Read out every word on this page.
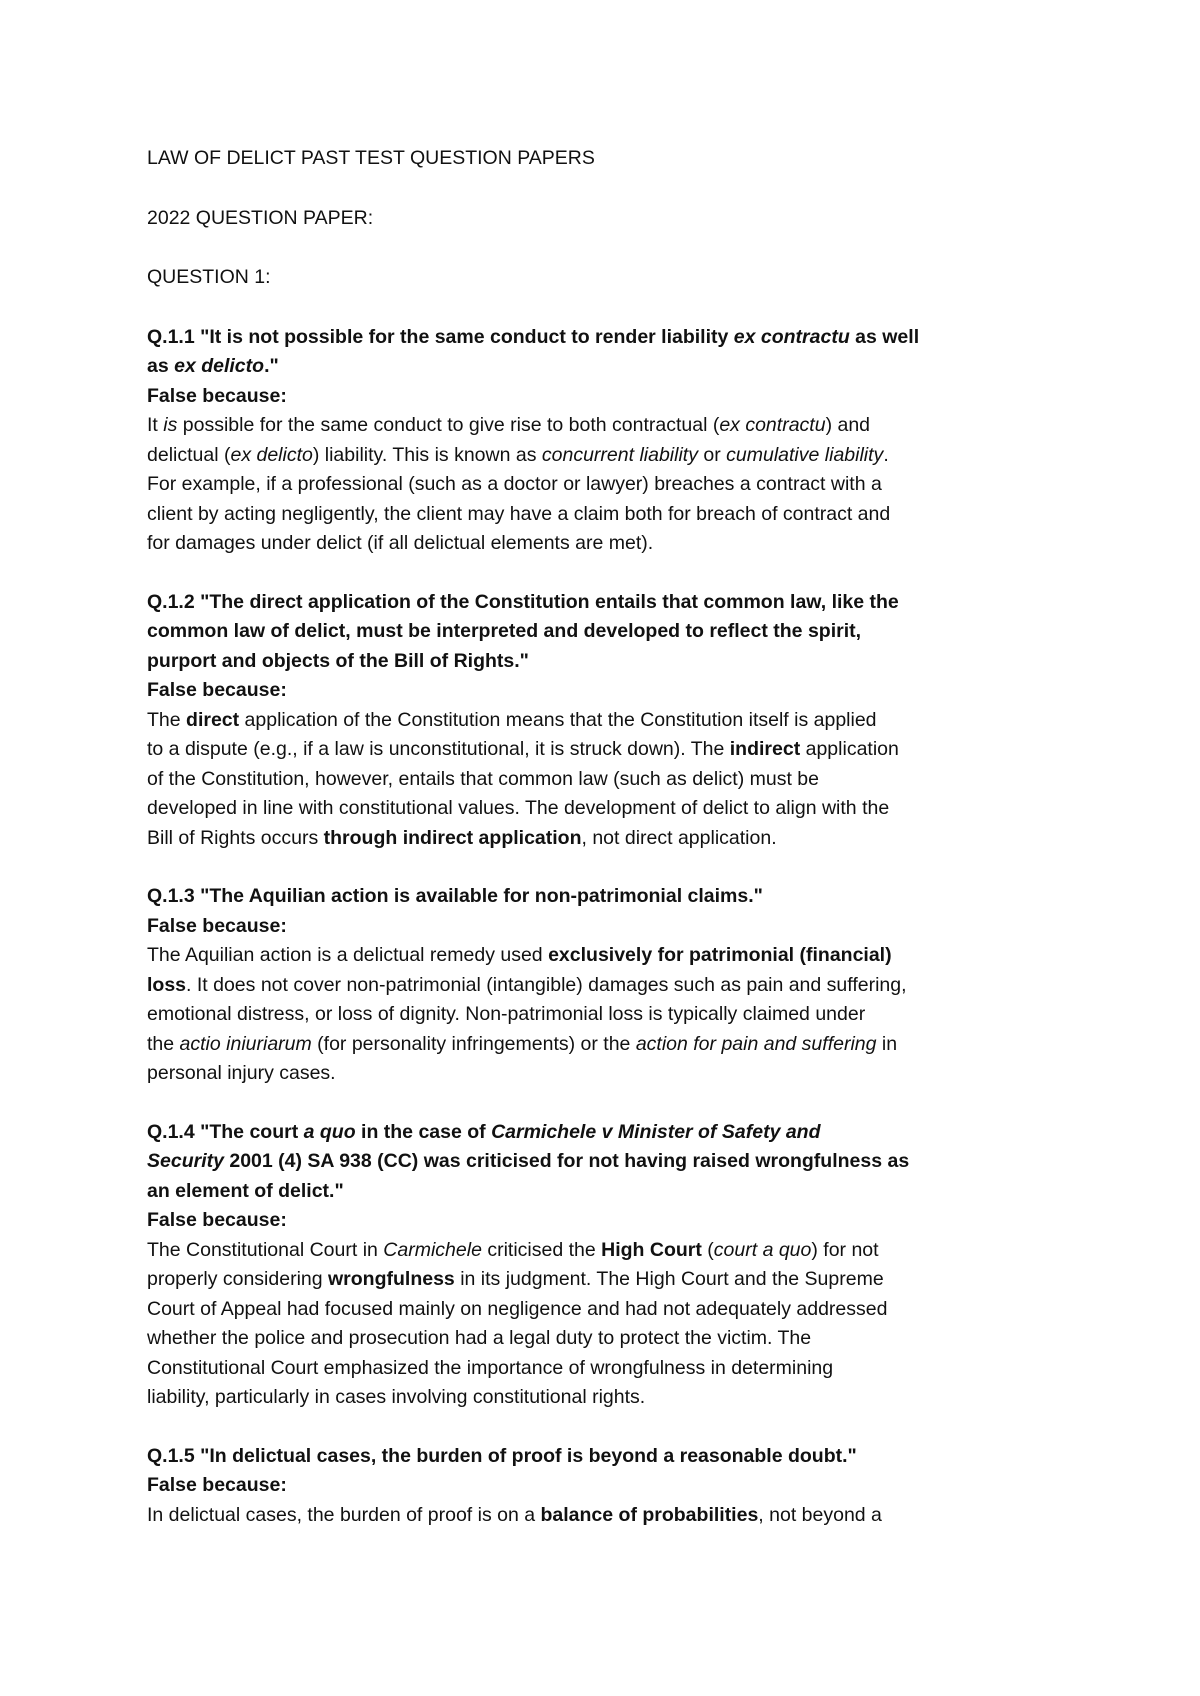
LAW OF DELICT PAST TEST QUESTION PAPERS
2022 QUESTION PAPER:
QUESTION 1:
Q.1.1 "It is not possible for the same conduct to render liability ex contractu as well
as ex delicto."
False because:
It is possible for the same conduct to give rise to both contractual (ex contractu) and
delictual (ex delicto) liability. This is known as concurrent liability or cumulative liability.
For example, if a professional (such as a doctor or lawyer) breaches a contract with a
client by acting negligently, the client may have a claim both for breach of contract and
for damages under delict (if all delictual elements are met).
Q.1.2 "The direct application of the Constitution entails that common law, like the
common law of delict, must be interpreted and developed to reflect the spirit,
purport and objects of the Bill of Rights."
False because:
The direct application of the Constitution means that the Constitution itself is applied
to a dispute (e.g., if a law is unconstitutional, it is struck down). The indirect application
of the Constitution, however, entails that common law (such as delict) must be
developed in line with constitutional values. The development of delict to align with the
Bill of Rights occurs through indirect application, not direct application.
Q.1.3 "The Aquilian action is available for non-patrimonial claims."
False because:
The Aquilian action is a delictual remedy used exclusively for patrimonial (financial)
loss. It does not cover non-patrimonial (intangible) damages such as pain and suffering,
emotional distress, or loss of dignity. Non-patrimonial loss is typically claimed under
the actio iniuriarum (for personality infringements) or the action for pain and suffering in
personal injury cases.
Q.1.4 "The court a quo in the case of Carmichele v Minister of Safety and
Security 2001 (4) SA 938 (CC) was criticised for not having raised wrongfulness as
an element of delict."
False because:
The Constitutional Court in Carmichele criticised the High Court (court a quo) for not
properly considering wrongfulness in its judgment. The High Court and the Supreme
Court of Appeal had focused mainly on negligence and had not adequately addressed
whether the police and prosecution had a legal duty to protect the victim. The
Constitutional Court emphasized the importance of wrongfulness in determining
liability, particularly in cases involving constitutional rights.
Q.1.5 "In delictual cases, the burden of proof is beyond a reasonable doubt."
False because:
In delictual cases, the burden of proof is on a balance of probabilities, not beyond a
